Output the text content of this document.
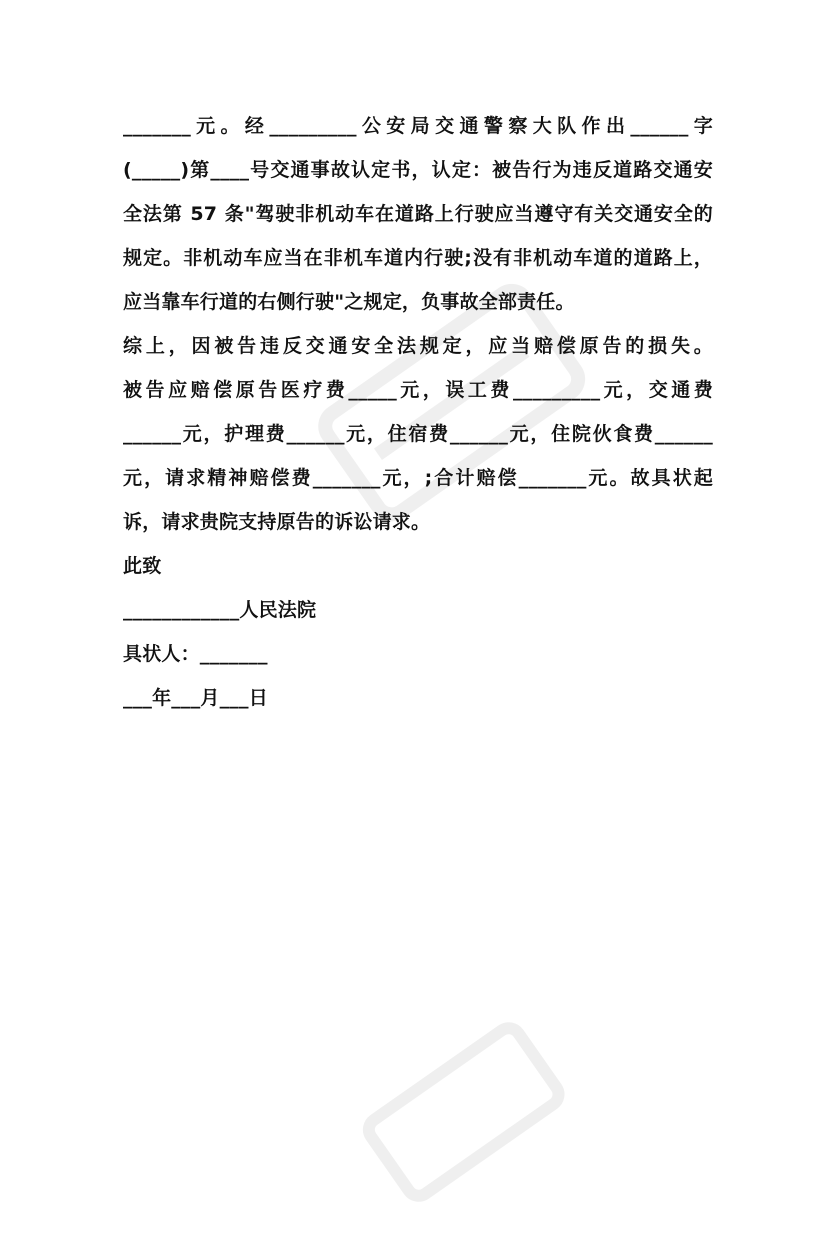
_______元。经_________公安局交通警察大队作出______字
(_____)第____号交通事故认定书，认定：被告行为违反道路交通安
全法第 57 条"驾驶非机动车在道路上行驶应当遵守有关交通安全的
规定。非机动车应当在非机车道内行驶;没有非机动车道的道路上，
应当靠车行道的右侧行驶"之规定，负事故全部责任。
综上，因被告违反交通安全法规定，应当赔偿原告的损失。
被告应赔偿原告医疗费_____元，误工费_________元，交通费
______元，护理费______元，住宿费______元，住院伙食费______
元，请求精神赔偿费_______元，;合计赔偿_______元。故具状起
诉，请求贵院支持原告的诉讼请求。
此致
____________人民法院
具状人：_______
___年___月___日
